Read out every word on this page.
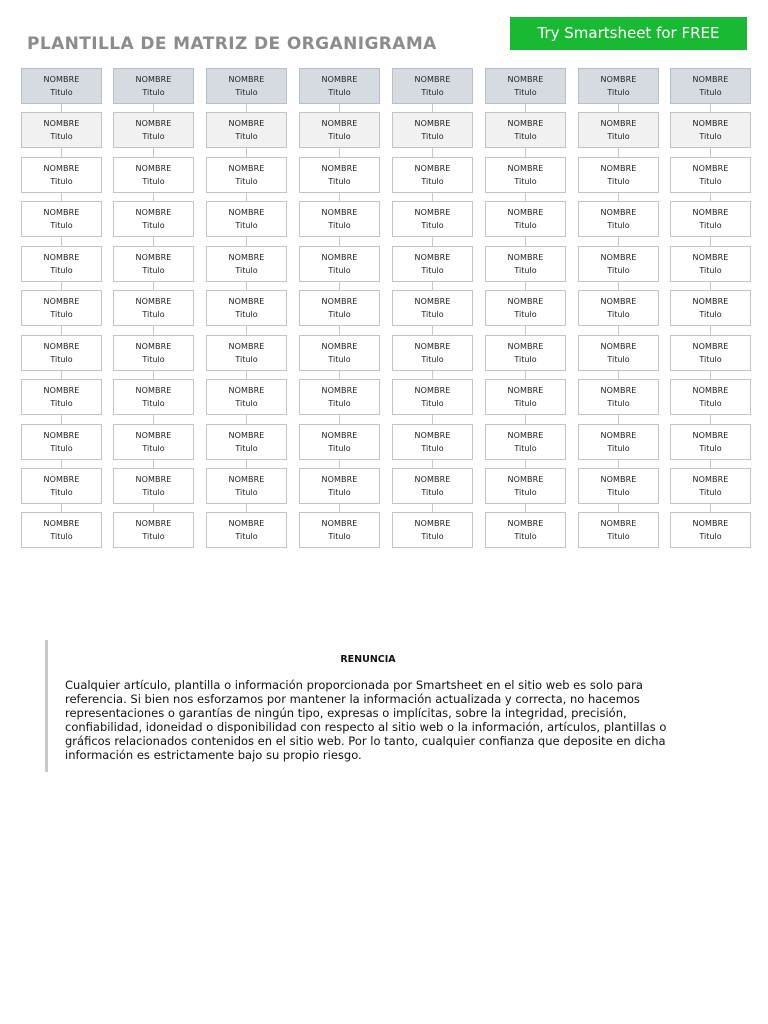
PLANTILLA DE MATRIZ DE ORGANIGRAMA
Try Smartsheet for FREE
NOMBRE
Titulo
NOMBRE
Titulo
NOMBRE
Titulo
NOMBRE
Titulo
NOMBRE
Titulo
NOMBRE
Titulo
NOMBRE
Titulo
NOMBRE
Titulo
NOMBRE
Titulo
NOMBRE
Titulo
NOMBRE
Titulo
NOMBRE
Titulo
NOMBRE
Titulo
NOMBRE
Titulo
NOMBRE
Titulo
NOMBRE
Titulo
NOMBRE
Titulo
NOMBRE
Titulo
NOMBRE
Titulo
NOMBRE
Titulo
NOMBRE
Titulo
NOMBRE
Titulo
NOMBRE
Titulo
NOMBRE
Titulo
NOMBRE
Titulo
NOMBRE
Titulo
NOMBRE
Titulo
NOMBRE
Titulo
NOMBRE
Titulo
NOMBRE
Titulo
NOMBRE
Titulo
NOMBRE
Titulo
NOMBRE
Titulo
NOMBRE
Titulo
NOMBRE
Titulo
NOMBRE
Titulo
NOMBRE
Titulo
NOMBRE
Titulo
NOMBRE
Titulo
NOMBRE
Titulo
NOMBRE
Titulo
NOMBRE
Titulo
NOMBRE
Titulo
NOMBRE
Titulo
NOMBRE
Titulo
NOMBRE
Titulo
NOMBRE
Titulo
NOMBRE
Titulo
NOMBRE
Titulo
NOMBRE
Titulo
NOMBRE
Titulo
NOMBRE
Titulo
NOMBRE
Titulo
NOMBRE
Titulo
NOMBRE
Titulo
NOMBRE
Titulo
NOMBRE
Titulo
NOMBRE
Titulo
NOMBRE
Titulo
NOMBRE
Titulo
NOMBRE
Titulo
NOMBRE
Titulo
NOMBRE
Titulo
NOMBRE
Titulo
NOMBRE
Titulo
NOMBRE
Titulo
NOMBRE
Titulo
NOMBRE
Titulo
NOMBRE
Titulo
NOMBRE
Titulo
NOMBRE
Titulo
NOMBRE
Titulo
NOMBRE
Titulo
NOMBRE
Titulo
NOMBRE
Titulo
NOMBRE
Titulo
NOMBRE
Titulo
NOMBRE
Titulo
NOMBRE
Titulo
NOMBRE
Titulo
NOMBRE
Titulo
NOMBRE
Titulo
NOMBRE
Titulo
NOMBRE
Titulo
NOMBRE
Titulo
NOMBRE
Titulo
NOMBRE
Titulo
NOMBRE
Titulo
RENUNCIA
Cualquier artículo, plantilla o información proporcionada por Smartsheet en el sitio web es solo para referencia. Si bien nos esforzamos por mantener la información actualizada y correcta, no hacemos representaciones o garantías de ningún tipo, expresas o implícitas, sobre la integridad, precisión, confiabilidad, idoneidad o disponibilidad con respecto al sitio web o la información, artículos, plantillas o gráficos relacionados contenidos en el sitio web. Por lo tanto, cualquier confianza que deposite en dicha información es estrictamente bajo su propio riesgo.
